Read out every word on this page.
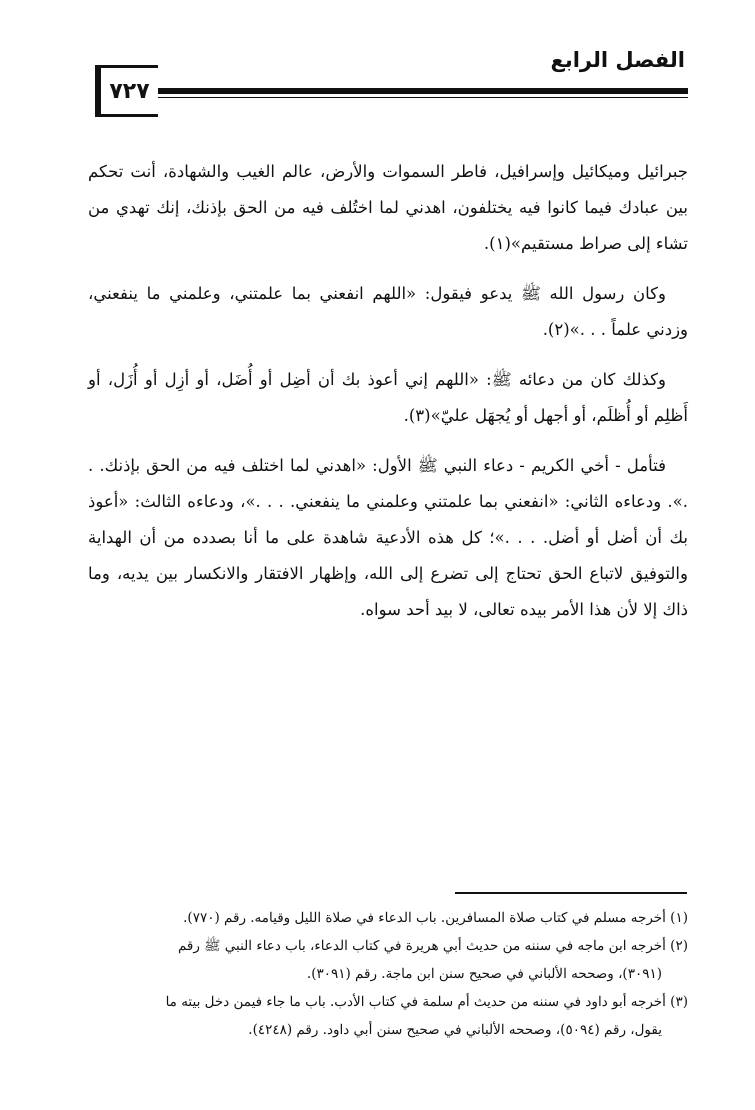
٧٢٧
الفصل الرابع

جبرائيل وميكائيل وإسرافيل، فاطر السموات والأرض، عالم الغيب والشهادة، أنت تحكم بين عبادك فيما كانوا فيه يختلفون، اهدني لما اختُلف فيه من الحق بإذنك، إنك تهدي من تشاء إلى صراط مستقيم»(١).

وكان رسول الله ﷺ يدعو فيقول: «اللهم انفعني بما علمتني، وعلمني ما ينفعني، وزدني علماً . . .»(٢).

وكذلك كان من دعائه ﷺ: «اللهم إني أعوذ بك أن أضِل أو أُضَل، أو أزِل أو أُزَل، أو أَظلِم أو أُظلَم، أو أجهل أو يُجهَل عليّ»(٣).

فتأمل - أخي الكريم - دعاء النبي ﷺ الأول: «اهدني لما اختلف فيه من الحق بإذنك. . .». ودعاءه الثاني: «انفعني بما علمتني وعلمني ما ينفعني. . . .»، ودعاءه الثالث: «أعوذ بك أن أضل أو أضل. . . .»؛ كل هذه الأدعية شاهدة على ما أنا بصدده من أن الهداية والتوفيق لاتباع الحق تحتاج إلى تضرع إلى الله، وإظهار الافتقار والانكسار بين يديه، وما ذاك إلا لأن هذا الأمر بيده تعالى، لا بيد أحد سواه.

(١) أخرجه مسلم في كتاب صلاة المسافرين. باب الدعاء في صلاة الليل وقيامه. رقم (٧٧٠).
(٢) أخرجه ابن ماجه في سننه من حديث أبي هريرة في كتاب الدعاء، باب دعاء النبي ﷺ رقم
(٣٠٩١)، وصححه الألباني في صحيح سنن ابن ماجة. رقم (٣٠٩١).
(٣) أخرجه أبو داود في سننه من حديث أم سلمة في كتاب الأدب. باب ما جاء فيمن دخل بيته ما
يقول، رقم (٥٠٩٤)، وصححه الألباني في صحيح سنن أبي داود. رقم (٤٢٤٨).
